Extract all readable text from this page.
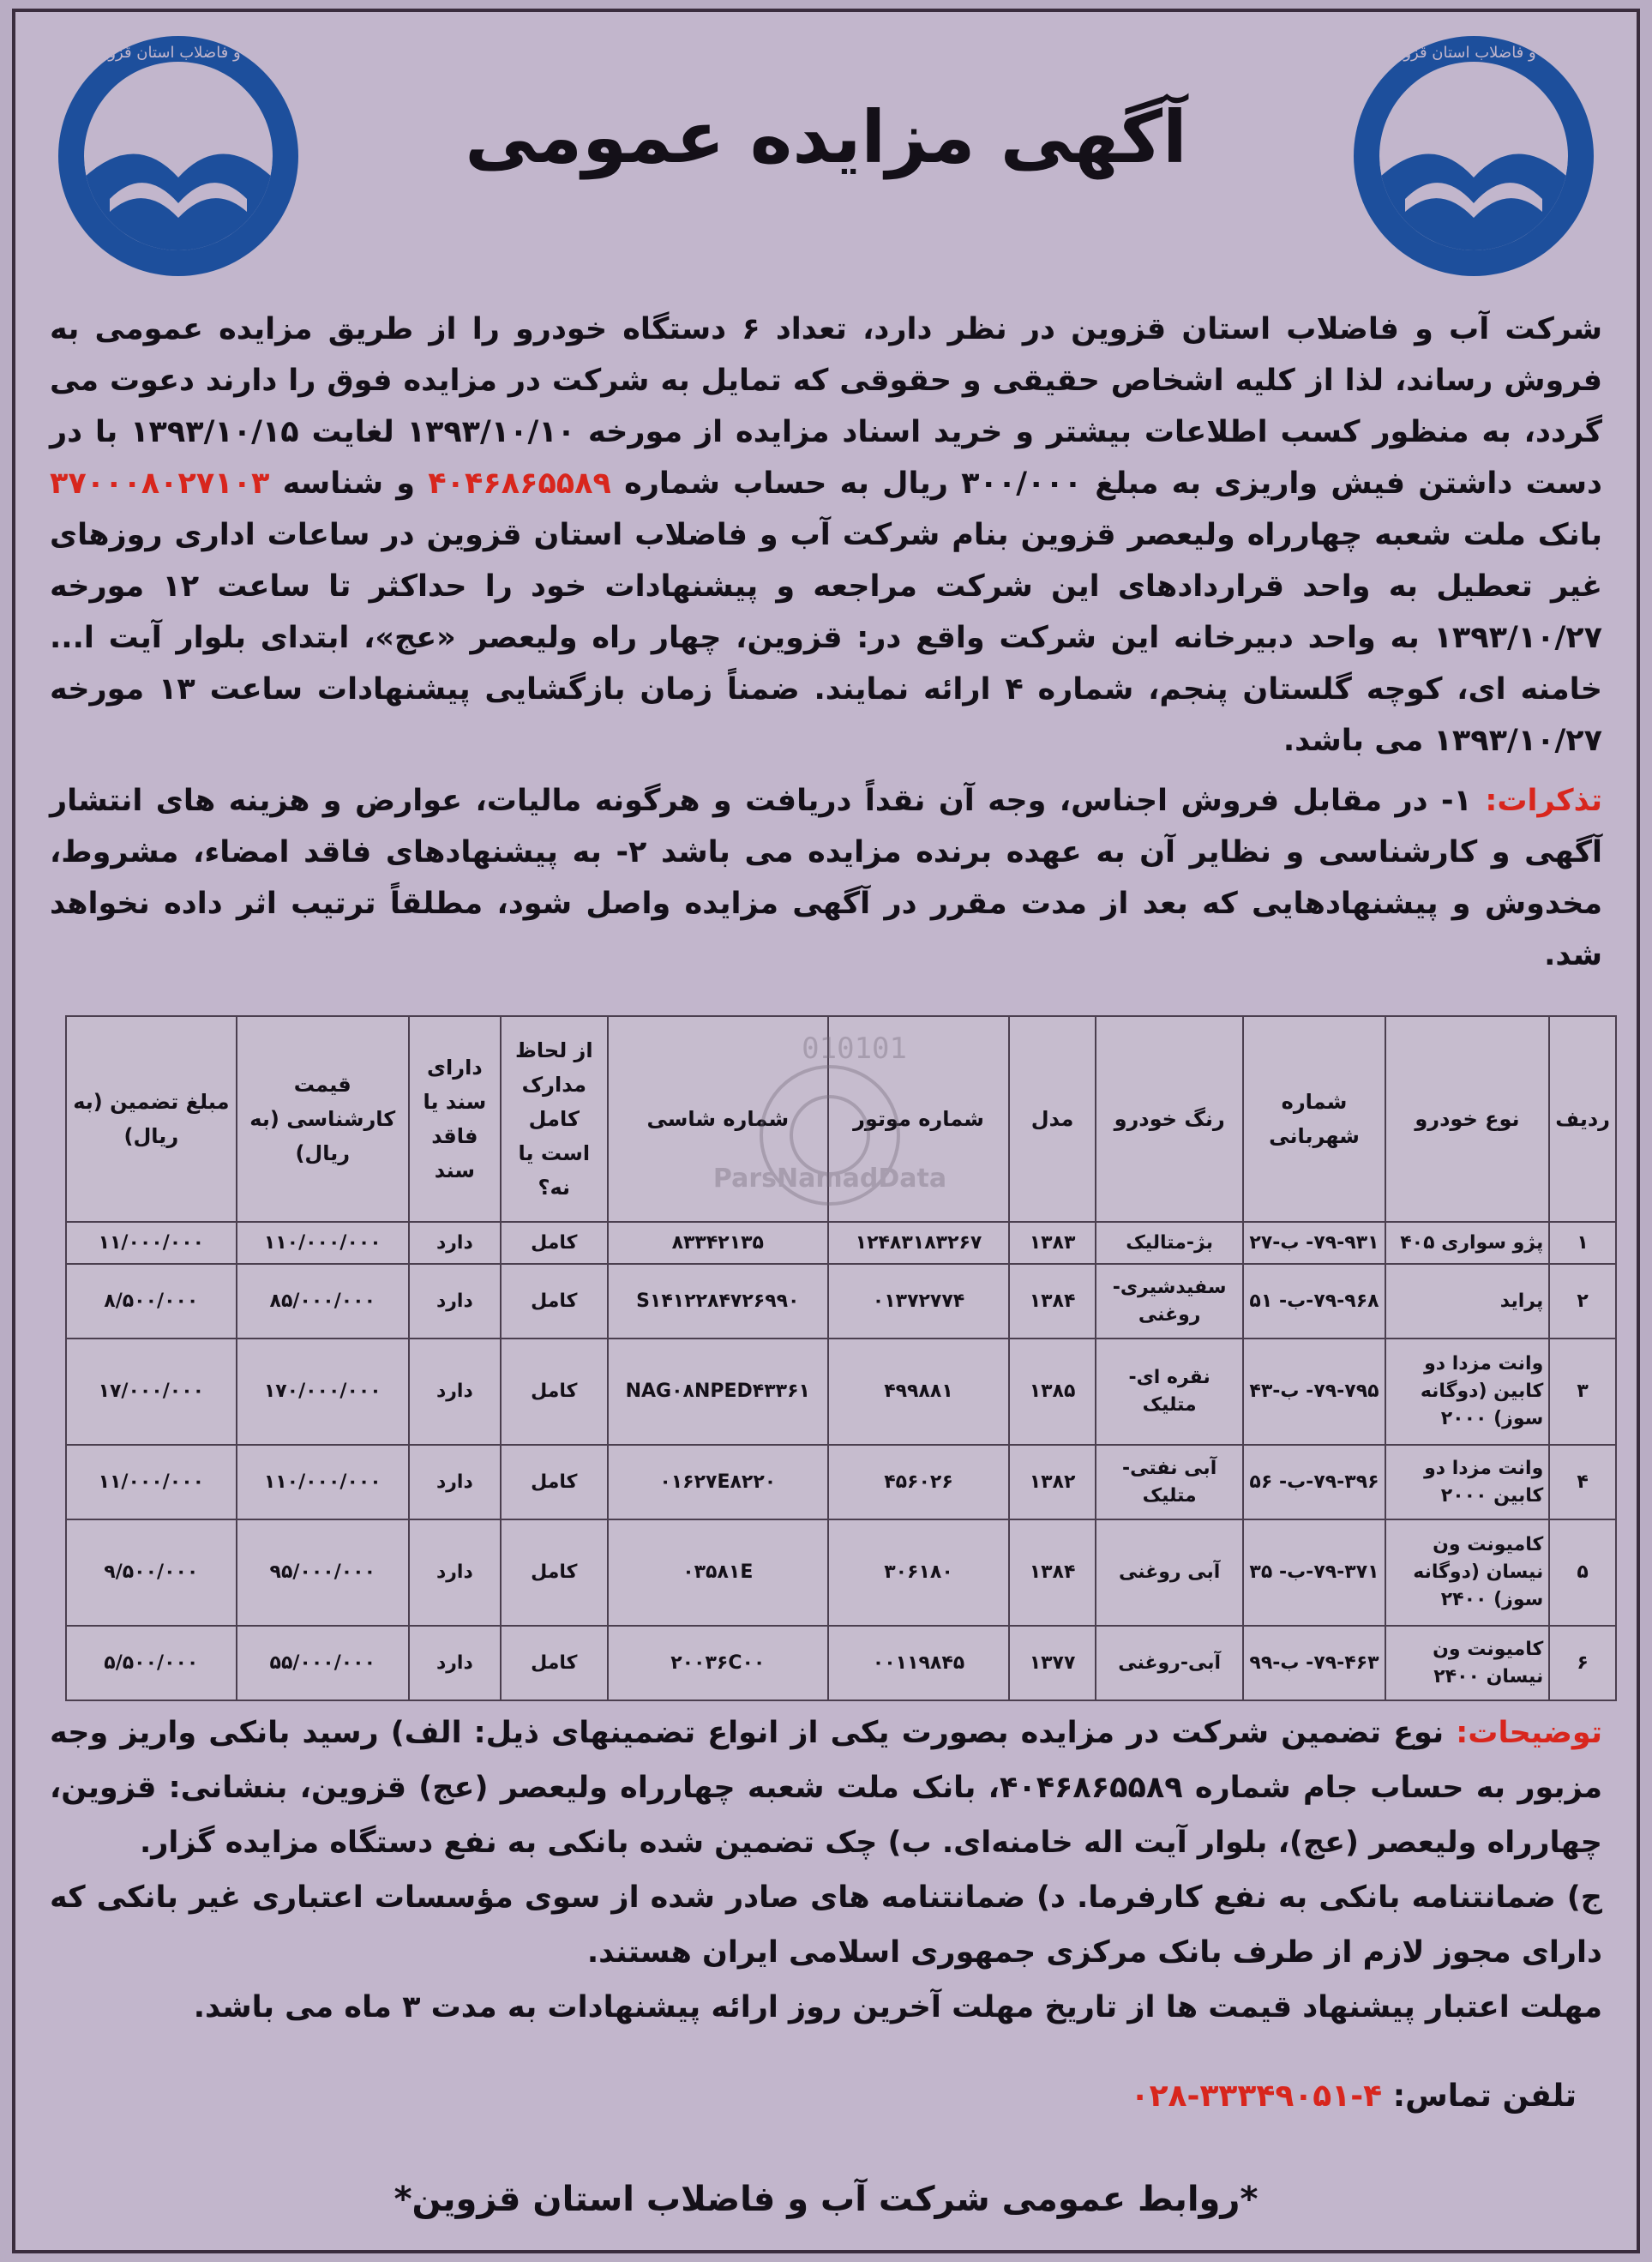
آب و فاضلاب استان قزوین
آب و فاضلاب استان قزوین
آگهی مزایده عمومی
شرکت آب و فاضلاب استان قزوین در نظر دارد، تعداد ۶ دستگاه خودرو را از طریق مزایده عمومی به فروش رساند، لذا از کلیه اشخاص حقیقی و حقوقی که تمایل به شرکت در مزایده فوق را دارند دعوت می گردد، به منظور کسب اطلاعات بیشتر و خرید اسناد مزایده از مورخه ۱۳۹۳/۱۰/۱۰ لغایت ۱۳۹۳/۱۰/۱۵ با در دست داشتن فیش واریزی به مبلغ ۳۰۰/۰۰۰ ریال به حساب شماره ۴۰۴۶۸۶۵۵۸۹ و شناسه ۳۷۰۰۰۸۰۲۷۱۰۳ بانک ملت شعبه چهارراه ولیعصر قزوین بنام شرکت آب و فاضلاب استان قزوین در ساعات اداری روزهای غیر تعطیل به واحد قراردادهای این شرکت مراجعه و پیشنهادات خود را حداکثر تا ساعت ۱۲ مورخه ۱۳۹۳/۱۰/۲۷ به واحد دبیرخانه این شرکت واقع در: قزوین، چهار راه ولیعصر «عج»، ابتدای بلوار آیت ا... خامنه ای، کوچه گلستان پنجم، شماره ۴ ارائه نمایند. ضمناً زمان بازگشایی پیشنهادات ساعت ۱۳ مورخه ۱۳۹۳/۱۰/۲۷ می باشد.
تذکرات: ۱- در مقابل فروش اجناس، وجه آن نقداً دریافت و هرگونه مالیات، عوارض و هزینه های انتشار آگهی و کارشناسی و نظایر آن به عهده برنده مزایده می باشد ۲- به پیشنهادهای فاقد امضاء، مشروط، مخدوش و پیشنهادهایی که بعد از مدت مقرر در آگهی مزایده واصل شود، مطلقاً ترتیب اثر داده نخواهد شد.
ردیف	نوع خودرو	شماره شهربانی	رنگ خودرو	مدل	شماره موتور	شماره شاسی	از لحاظ مدارک کامل است یا نه؟	دارای سند یا فاقد سند	قیمت کارشناسی (به ریال)	مبلغ تضمین (به ریال)
۱	پژو سواری ۴۰۵	۷۹-۹۳۱- ب-۲۷	بژ-متالیک	۱۳۸۳	۱۲۴۸۳۱۸۳۲۶۷	۸۳۳۴۲۱۳۵	کامل	دارد	۱۱۰/۰۰۰/۰۰۰	۱۱/۰۰۰/۰۰۰
۲	پراید	۷۹-۹۶۸-ب- ۵۱	سفیدشیری- روغنی	۱۳۸۴	۰۱۳۷۲۷۷۴	S۱۴۱۲۲۸۴۷۲۶۹۹۰	کامل	دارد	۸۵/۰۰۰/۰۰۰	۸/۵۰۰/۰۰۰
۳	وانت مزدا دو کابین (دوگانه سوز) ۲۰۰۰	۷۹-۷۹۵- ب-۴۳	نقره ای- متلیک	۱۳۸۵	۴۹۹۸۸۱	NAG۰۸NPED۴۳۳۶۱	کامل	دارد	۱۷۰/۰۰۰/۰۰۰	۱۷/۰۰۰/۰۰۰
۴	وانت مزدا دو کابین ۲۰۰۰	۷۹-۳۹۶-ب- ۵۶	آبی نفتی- متلیک	۱۳۸۲	۴۵۶۰۲۶	۰۱۶۲۷E۸۲۲۰	کامل	دارد	۱۱۰/۰۰۰/۰۰۰	۱۱/۰۰۰/۰۰۰
۵	کامیونت ون نیسان (دوگانه سوز) ۲۴۰۰	۷۹-۳۷۱-ب- ۳۵	آبی روغنی	۱۳۸۴	۳۰۶۱۸۰	۰۳۵۸۱E	کامل	دارد	۹۵/۰۰۰/۰۰۰	۹/۵۰۰/۰۰۰
۶	کامیونت ون نیسان ۲۴۰۰	۷۹-۴۶۳- ب-۹۹	آبی-روغنی	۱۳۷۷	۰۰۱۱۹۸۴۵	۲۰۰۳۶C۰۰	کامل	دارد	۵۵/۰۰۰/۰۰۰	۵/۵۰۰/۰۰۰
010101
ParsNamadData
توضیحات: نوع تضمین شرکت در مزایده بصورت یکی از انواع تضمینهای ذیل: الف) رسید بانکی واریز وجه مزبور به حساب جام شماره ۴۰۴۶۸۶۵۵۸۹، بانک ملت شعبه چهارراه ولیعصر (عج) قزوین، بنشانی: قزوین، چهارراه ولیعصر (عج)، بلوار آیت اله خامنه‌ای. ب) چک تضمین شده بانکی به نفع دستگاه مزایده گزار.
ج) ضمانتنامه بانکی به نفع کارفرما. د) ضمانتنامه های صادر شده از سوی مؤسسات اعتباری غیر بانکی که دارای مجوز لازم از طرف بانک مرکزی جمهوری اسلامی ایران هستند.
مهلت اعتبار پیشنهاد قیمت ها از تاریخ مهلت آخرین روز ارائه پیشنهادات به مدت ۳ ماه می باشد.
تلفن تماس: ۰۲۸-۳۳۳۴۹۰۵۱-۴
*روابط عمومی شرکت آب و فاضلاب استان قزوین*
